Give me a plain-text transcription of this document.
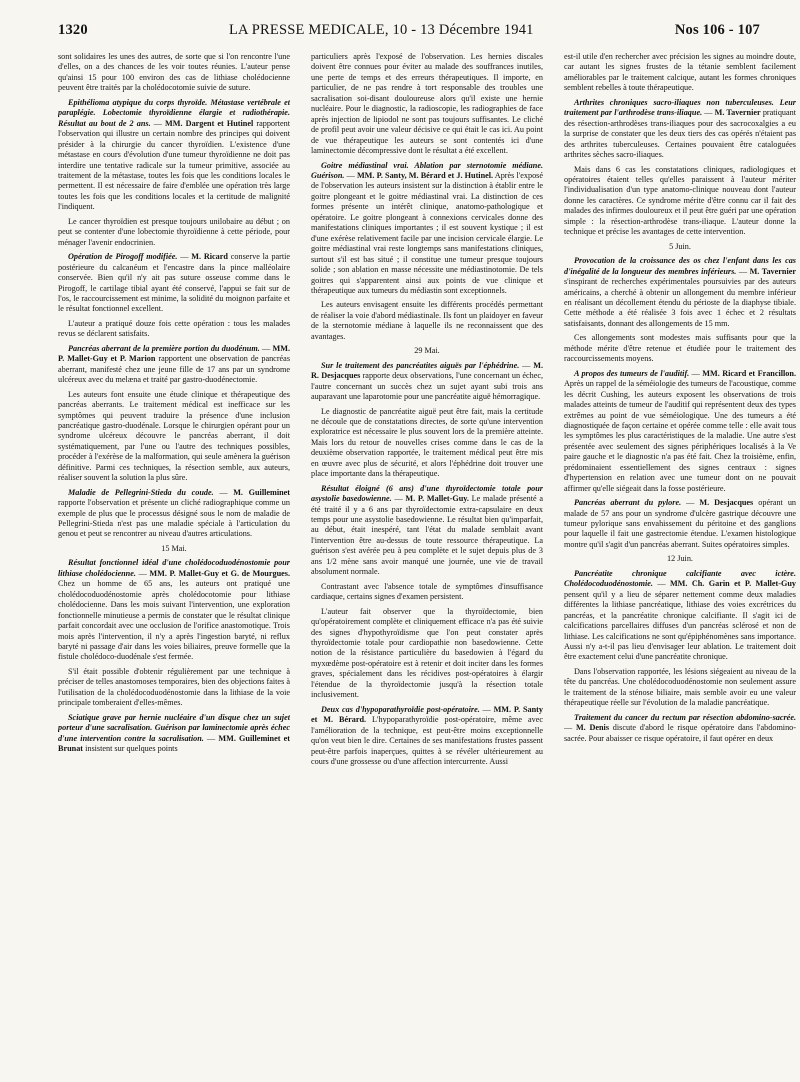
1320	LA PRESSE MEDICALE, 10 - 13 Décembre 1941	Nos 106 - 107

sont solidaires les unes des autres, de sorte que si l'on rencontre l'une d'elles, on a des chances de les voir toutes réunies. L'auteur pense qu'ainsi 15 pour 100 environ des cas de lithiase cholédocienne peuvent être traités par la cholédocotomie suivie de suture.

Epithélioma atypique du corps thyroïde. Métastase vertébrale et paraplégie. Lobectomie thyroïdienne élargie et radiothérapie. Résultat au bout de 2 ans. — MM. Dargent et Hutinel rapportent l'observation qui illustre un certain nombre des principes qui doivent présider à la chirurgie du cancer thyroïdien. L'existence d'une métastase en cours d'évolution d'une tumeur thyroïdienne ne doit pas interdire une tentative radicale sur la tumeur primitive, associée au traitement de la métastase, toutes les fois que les conditions locales le permettent. Il est nécessaire de faire d'emblée une opération très large toutes les fois que les conditions locales et la certitude de malignité l'indiquent.

Le cancer thyroïdien est presque toujours unilobaire au début ; on peut se contenter d'une lobectomie thyroïdienne à cette période, pour ménager l'avenir endocrinien.

Opération de Pirogoff modifiée. — M. Ricard conserve la partie postérieure du calcanéum et l'encastre dans la pince malléolaire conservée. Bien qu'il n'y ait pas suture osseuse comme dans le Pirogoff, le cartilage tibial ayant été conservé, l'appui se fait sur de l'os, le raccourcissement est minime, la solidité du moignon parfaite et le résultat fonctionnel excellent.

L'auteur a pratiqué douze fois cette opération : tous les malades revus se déclarent satisfaits.

Pancréas aberrant de la première portion du duodénum. — MM. P. Mallet-Guy et P. Marion rapportent une observation de pancréas aberrant, manifesté chez une jeune fille de 17 ans par un syndrome ulcéreux avec du melæna et traité par gastro-duodénectomie.

Les auteurs font ensuite une étude clinique et thérapeutique des pancréas aberrants. Le traitement médical est inefficace sur les symptômes qui peuvent traduire la présence d'une inclusion pancréatique gastro-duodénale. Lorsque le chirurgien opérant pour un syndrome ulcéreux découvre le pancréas aberrant, il doit systématiquement, par l'une ou l'autre des techniques possibles, procéder à l'exérèse de la malformation, qui seule amènera la guérison définitive. Parmi ces techniques, la résection semble, aux auteurs, réaliser souvent la solution la plus sûre.

Maladie de Pellegrini-Stieda du coude. — M. Guilleminet rapporte l'observation et présente un cliché radiographique comme un exemple de plus que le processus désigné sous le nom de maladie de Pellegrini-Stieda n'est pas une maladie spéciale à l'articulation du genou et peut se rencontrer au niveau d'autres articulations.

15 Mai.

Résultat fonctionnel idéal d'une cholédocoduodénostomie pour lithiase cholédocienne. — MM. P. Mallet-Guy et G. de Mourgues. Chez un homme de 65 ans, les auteurs ont pratiqué une cholédocoduodénostomie après cholédocotomie pour lithiase cholédocienne. Dans les mois suivant l'intervention, une exploration fonctionnelle minutieuse a permis de constater que le résultat clinique parfait concordait avec une occlusion de l'orifice anastomotique. Trois mois après l'intervention, il n'y a après l'ingestion baryté, ni reflux baryté ni passage d'air dans les voies biliaires, preuve formelle que la fistule cholédoco-duodénale s'est fermée.

S'il était possible d'obtenir régulièrement par une technique à préciser de telles anastomoses temporaires, bien des objections faites à l'utilisation de la cholédocoduodénostomie dans la lithiase de la voie principale tomberaient d'elles-mêmes.

Sciatique grave par hernie nucléaire d'un disque chez un sujet porteur d'une sacralisation. Guérison par laminectomie après échec d'une intervention contre la sacralisation. — MM. Guilleminet et Brunat insistent sur quelques points

particuliers après l'exposé de l'observation. Les hernies discales doivent être connues pour éviter au malade des souffrances inutiles, une perte de temps et des erreurs thérapeutiques. Il importe, en particulier, de ne pas rendre à tort responsable des troubles une sacralisation soi-disant douloureuse alors qu'il existe une hernie nucléaire. Pour le diagnostic, la radioscopie, les radiographies de face après injection de lipiodol ne sont pas toujours suffisantes. Le cliché de profil peut avoir une valeur décisive ce qui était le cas ici. Au point de vue thérapeutique les auteurs se sont contentés ici d'une laminectomie décompressive dont le résultat a été excellent.

Goitre médiastinal vrai. Ablation par sternotomie médiane. Guérison. — MM. P. Santy, M. Bérard et J. Hutinel. Après l'exposé de l'observation les auteurs insistent sur la distinction à établir entre le goitre plongeant et le goitre médiastinal vrai. La distinction de ces formes présente un intérêt clinique, anatomo-pathologique et opératoire. Le goitre plongeant à connexions cervicales donne des manifestations cliniques importantes ; il est souvent kystique ; il est d'une exérèse relativement facile par une incision cervicale élargie. Le goitre médiastinal vrai reste longtemps sans manifestations cliniques, surtout s'il est bas situé ; il constitue une tumeur presque toujours solide ; son ablation en masse nécessite une médiastinotomie. De tels goitres qui s'apparentent ainsi aux points de vue clinique et thérapeutique aux tumeurs du médiastin sont exceptionnels.

Les auteurs envisagent ensuite les différents procédés permettant de réaliser la voie d'abord médiastinale. Ils font un plaidoyer en faveur de la sternotomie médiane à laquelle ils ne reconnaissent que des avantages.

29 Mai.

Sur le traitement des pancréatites aiguës par l'éphédrine. — M. R. Desjacques rapporte deux observations, l'une concernant un échec, l'autre concernant un succès chez un sujet ayant subi trois ans auparavant une laparotomie pour une pancréatite aiguë hémorragique.

Le diagnostic de pancréatite aiguë peut être fait, mais la certitude ne découle que de constatations directes, de sorte qu'une intervention exploratrice est nécessaire le plus souvent lors de la première atteinte. Mais lors du retour de nouvelles crises comme dans le cas de la deuxième observation rapportée, le traitement médical peut être mis en œuvre avec plus de sécurité, et alors l'éphédrine doit trouver une place importante dans la thérapeutique.

Résultat éloigné (6 ans) d'une thyroïdectomie totale pour asystolie basedowienne. — M. P. Mallet-Guy. Le malade présenté a été traité il y a 6 ans par thyroïdectomie extra-capsulaire en deux temps pour une asystolie basedowienne. Le résultat bien qu'imparfait, au début, était inespéré, tant l'état du malade semblait avant l'intervention être au-dessus de toute ressource thérapeutique. La guérison s'est avérée peu à peu complète et le sujet depuis plus de 3 ans 1/2 mène sans avoir manqué une journée, une vie de travail absolument normale.

Contrastant avec l'absence totale de symptômes d'insuffisance cardiaque, certains signes d'examen persistent.

L'auteur fait observer que la thyroïdectomie, bien qu'opératoirement complète et cliniquement efficace n'a pas été suivie des signes d'hypothyroïdisme que l'on peut constater après thyroïdectomie totale pour cardiopathie non basedowienne. Cette notion de la résistance particulière du basedowien à l'égard du myxœdème post-opératoire est à retenir et doit inciter dans les formes graves, spécialement dans les récidives post-opératoires à élargir l'étendue de la thyroïdectomie jusqu'à la résection totale inclusivement.

Deux cas d'hypoparathyroïdie post-opératoire. — MM. P. Santy et M. Bérard. L'hypoparathyroïdie post-opératoire, même avec l'amélioration de la technique, est peut-être moins exceptionnelle qu'on veut bien le dire. Certaines de ses manifestations frustes passent peut-être parfois inaperçues, quittes à se révéler ultérieurement au cours d'une grossesse ou d'une affection intercurrente. Aussi

est-il utile d'en rechercher avec précision les signes au moindre doute, car autant les signes frustes de la tétanie semblent facilement améliorables par le traitement calcique, autant les formes chroniques semblent rebelles à toute thérapeutique.

Arthrites chroniques sacro-iliaques non tuberculeuses. Leur traitement par l'arthrodèse trans-iliaque. — M. Tavernier pratiquant des résection-arthrodèses trans-iliaques pour des sacrocoxalgies a eu la surprise de constater que les deux tiers des cas opérés n'étaient pas des arthrites tuberculeuses. Certaines pouvaient être cataloguées arthrites sèches sacro-iliaques.

Mais dans 6 cas les constatations cliniques, radiologiques et opératoires étaient telles qu'elles paraissent à l'auteur mériter l'individualisation d'un type anatomo-clinique nouveau dont l'auteur donne les caractères. Ce syndrome mérite d'être connu car il fait des malades des infirmes douloureux et il peut être guéri par une opération simple : la résection-arthrodèse trans-iliaque. L'auteur donne la technique et précise les avantages de cette intervention.

5 Juin.

Provocation de la croissance des os chez l'enfant dans les cas d'inégalité de la longueur des membres inférieurs. — M. Tavernier s'inspirant de recherches expérimentales poursuivies par des auteurs américains, a cherché à obtenir un allongement du membre inférieur en réalisant un décollement étendu du périoste de la diaphyse tibiale. Cette méthode a été réalisée 3 fois avec 1 échec et 2 résultats satisfaisants, donnant des allongements de 15 mm.

Ces allongements sont modestes mais suffisants pour que la méthode mérite d'être retenue et étudiée pour le traitement des raccourcissements moyens.

A propos des tumeurs de l'auditif. — MM. Ricard et Francillon. Après un rappel de la séméiologie des tumeurs de l'acoustique, comme les décrit Cushing, les auteurs exposent les observations de trois malades atteints de tumeur de l'auditif qui représentent deux des types extrêmes au point de vue séméiologique. Une des tumeurs a été diagnostiquée de façon certaine et opérée comme telle : elle avait tous les symptômes les plus caractéristiques de la maladie. Une autre s'est présentée avec seulement des signes périphériques localisés à la Ve paire gauche et le diagnostic n'a pas été fait. Chez la troisième, enfin, prédominaient essentiellement des signes centraux : signes d'hypertension en relation avec une tumeur dont on ne pouvait affirmer qu'elle siégeait dans la fosse postérieure.

Pancréas aberrant du pylore. — M. Desjacques opérant un malade de 57 ans pour un syndrome d'ulcère gastrique découvre une tumeur pylorique sans envahissement du péritoine et des ganglions pour laquelle il fait une gastrectomie étendue. L'examen histologique montre qu'il s'agit d'un pancréas aberrant. Suites opératoires simples.

12 Juin.

Pancréatite chronique calcifiante avec ictère. Cholédocoduodénostomie. — MM. Ch. Garin et P. Mallet-Guy pensent qu'il y a lieu de séparer nettement comme deux maladies différentes la lithiase pancréatique, lithiase des voies excrétrices du pancréas, et la pancréatite chronique calcifiante. Il s'agit ici de calcifications parcellaires diffuses d'un pancréas sclérosé et non de lithiase. Les calcifications ne sont qu'épiphénomènes sans importance. Aussi n'y a-t-il pas lieu d'envisager leur ablation. Le traitement doit être exactement celui d'une pancréatite chronique.

Dans l'observation rapportée, les lésions siégeaient au niveau de la tête du pancréas. Une cholédocoduodénostomie non seulement assure le traitement de la sténose biliaire, mais semble avoir eu une valeur thérapeutique réelle sur l'évolution de la maladie pancréatique.

Traitement du cancer du rectum par résection abdomino-sacrée. — M. Denis discute d'abord le risque opératoire dans l'abdomino-sacrée. Pour abaisser ce risque opératoire, il faut opérer en deux
